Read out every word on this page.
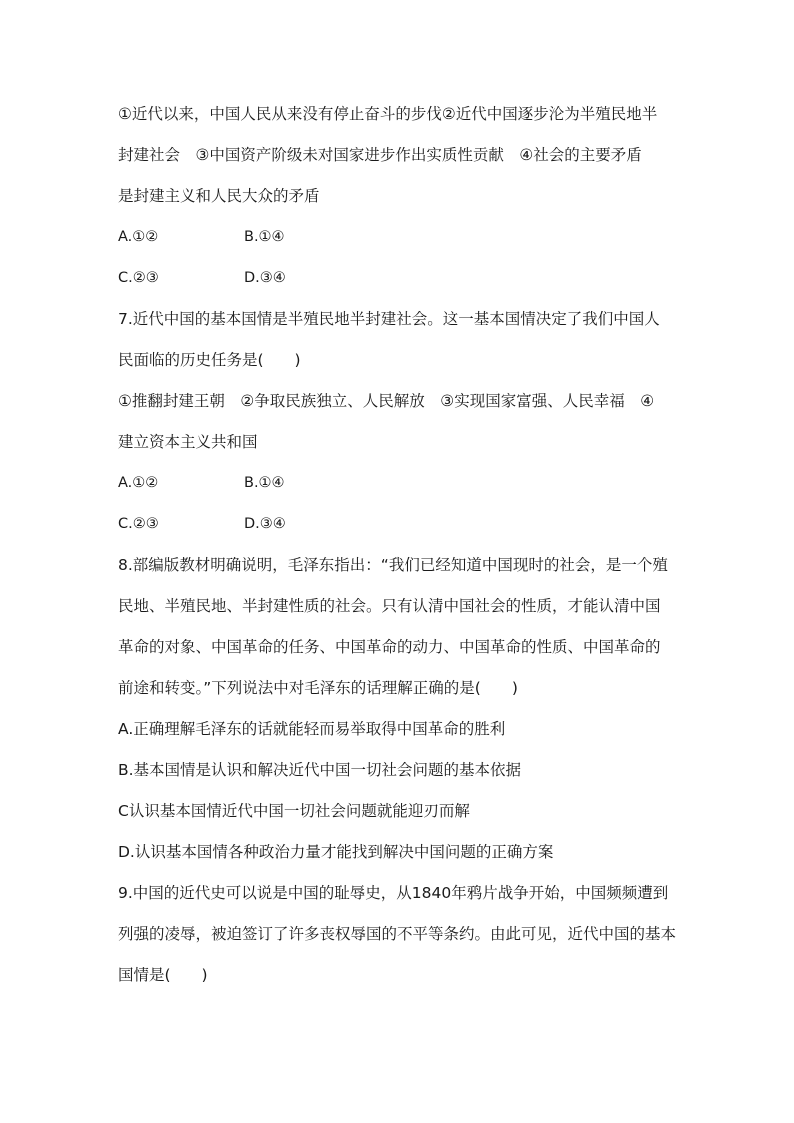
①近代以来，中国人民从来没有停止奋斗的步伐②近代中国逐步沦为半殖民地半

封建社会　③中国资产阶级未对国家进步作出实质性贡献　④社会的主要矛盾

是封建主义和人民大众的矛盾

A.①②	B.①④
C.②③	D.③④

7.近代中国的基本国情是半殖民地半封建社会。这一基本国情决定了我们中国人

民面临的历史任务是(　　)

①推翻封建王朝　②争取民族独立、人民解放　③实现国家富强、人民幸福　④

建立资本主义共和国

A.①②	B.①④
C.②③	D.③④

8.部编版教材明确说明，毛泽东指出：“我们已经知道中国现时的社会，是一个殖

民地、半殖民地、半封建性质的社会。只有认清中国社会的性质，才能认清中国

革命的对象、中国革命的任务、中国革命的动力、中国革命的性质、中国革命的

前途和转变。”下列说法中对毛泽东的话理解正确的是(　　)

A.正确理解毛泽东的话就能轻而易举取得中国革命的胜利

B.基本国情是认识和解决近代中国一切社会问题的基本依据

C认识基本国情近代中国一切社会问题就能迎刃而解

D.认识基本国情各种政治力量才能找到解决中国问题的正确方案

9.中国的近代史可以说是中国的耻辱史，从1840年鸦片战争开始，中国频频遭到

列强的凌辱，被迫签订了许多丧权辱国的不平等条约。由此可见，近代中国的基本

国情是(　　)
